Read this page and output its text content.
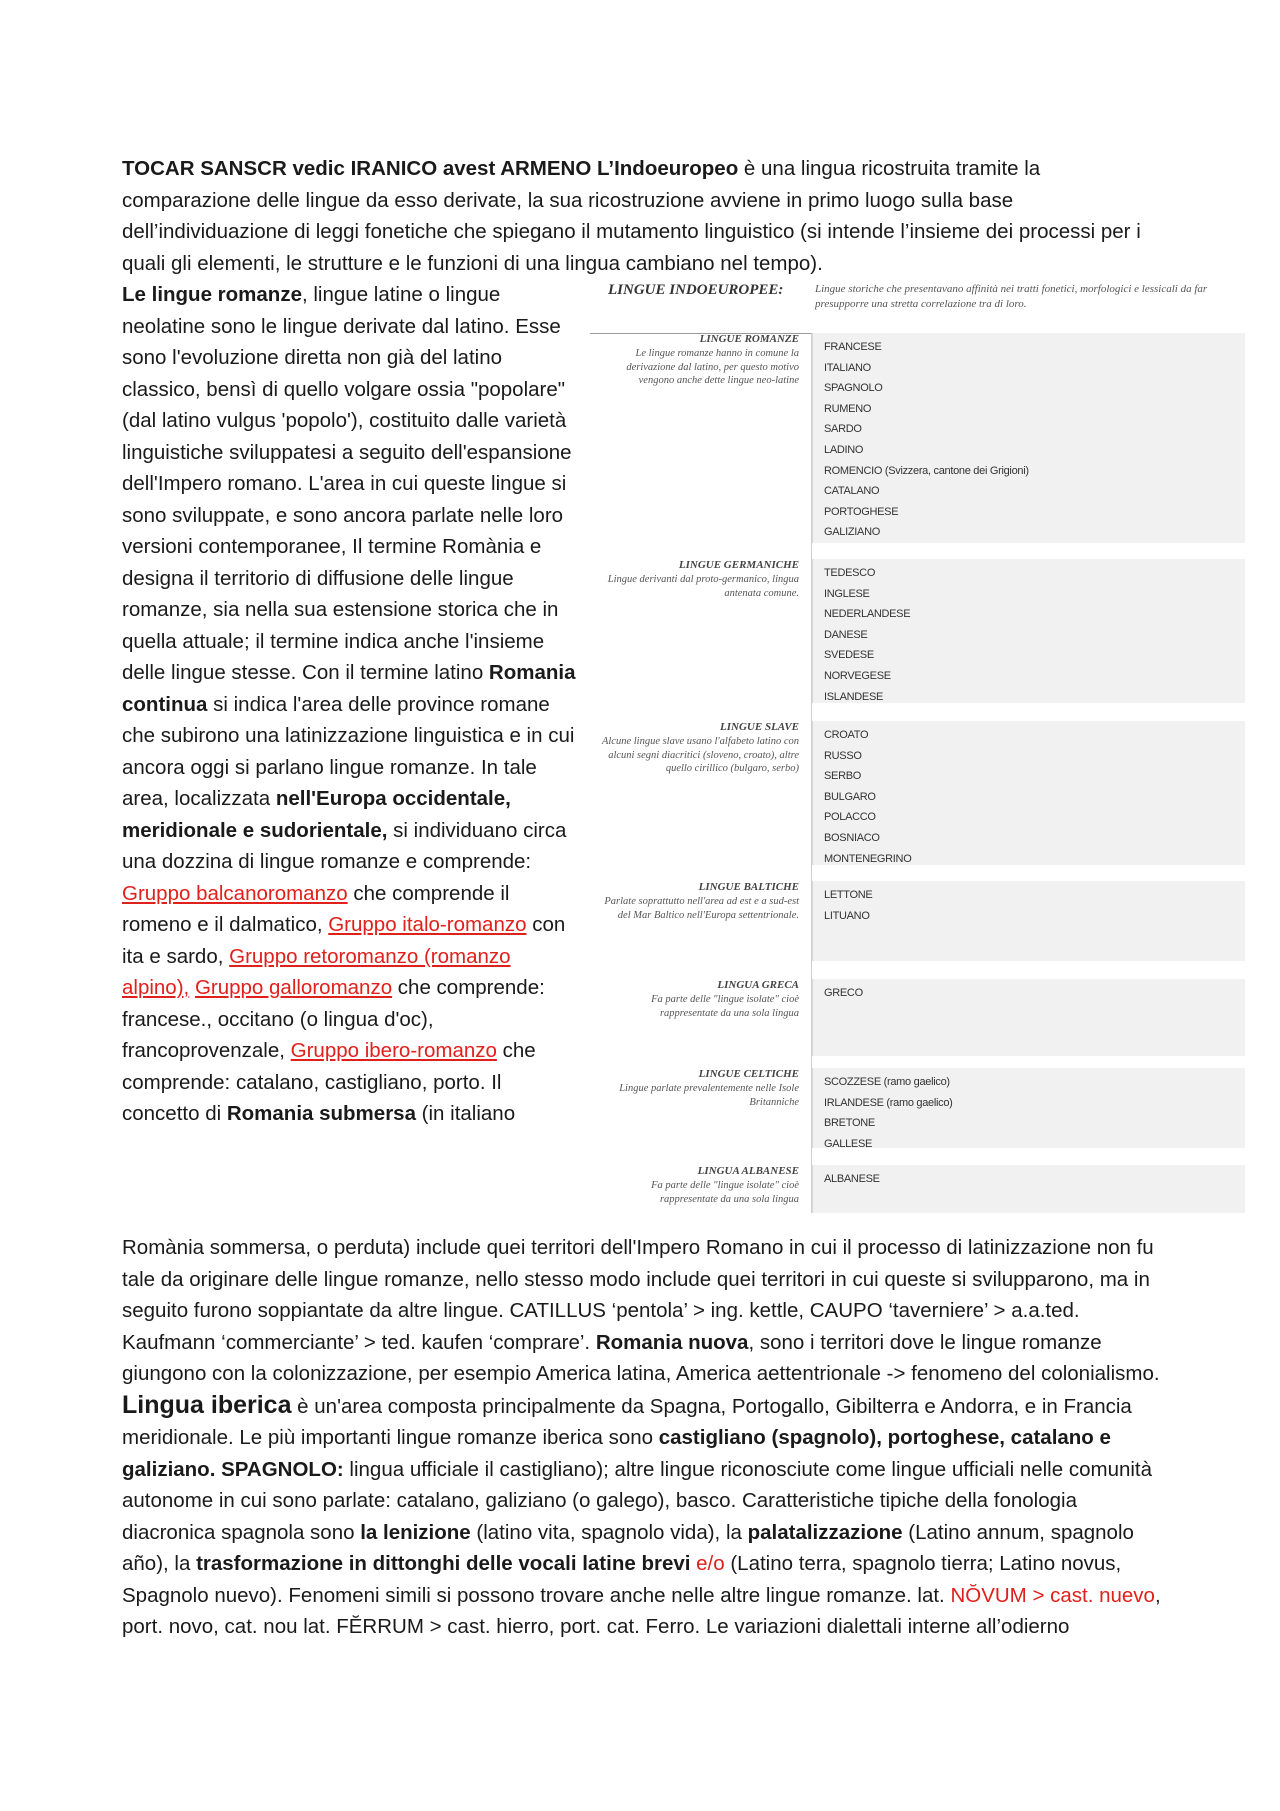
TOCAR SANSCR vedic IRANICO avest ARMENO L’Indoeuropeo è una lingua ricostruita tramite la comparazione delle lingue da esso derivate, la sua ricostruzione avviene in primo luogo sulla base dell’individuazione di leggi fonetiche che spiegano il mutamento linguistico (si intende l’insieme dei processi per i quali gli elementi, le strutture e le funzioni di una lingua cambiano nel tempo).
Le lingue romanze, lingue latine o lingue neolatine sono le lingue derivate dal latino. Esse sono l'evoluzione diretta non già del latino classico, bensì di quello volgare ossia "popolare" (dal latino vulgus 'popolo'), costituito dalle varietà linguistiche sviluppatesi a seguito dell'espansione dell'Impero romano. L'area in cui queste lingue si sono sviluppate, e sono ancora parlate nelle loro versioni contemporanee, Il termine Romània e designa il territorio di diffusione delle lingue romanze, sia nella sua estensione storica che in quella attuale; il termine indica anche l'insieme delle lingue stesse. Con il termine latino Romania continua si indica l'area delle province romane che subirono una latinizzazione linguistica e in cui ancora oggi si parlano lingue romanze. In tale area, localizzata nell'Europa occidentale, meridionale e sudorientale, si individuano circa una dozzina di lingue romanze e comprende: Gruppo balcanoromanzo che comprende il romeno e il dalmatico, Gruppo italo-romanzo con ita e sardo, Gruppo retoromanzo (romanzo alpino), Gruppo galloromanzo che comprende: francese., occitano (o lingua d'oc), francoprovenzale, Gruppo ibero-romanzo che comprende: catalano, castigliano, porto. Il concetto di Romania submersa (in italiano
LINGUE INDOEUROPEE:	Lingue storiche che presentavano affinità nei tratti fonetici, morfologici e lessicali da far presupporre una stretta correlazione tra di loro.
LINGUE ROMANZE
Le lingue romanze hanno in comune la derivazione dal latino, per questo motivo vengono anche dette lingue neo-latine
FRANCESE
ITALIANO
SPAGNOLO
RUMENO
SARDO
LADINO
ROMENCIO (Svizzera, cantone dei Grigioni)
CATALANO
PORTOGHESE
GALIZIANO
LINGUE GERMANICHE
Lingue derivanti dal proto-germanico, lingua antenata comune.
TEDESCO
INGLESE
NEDERLANDESE
DANESE
SVEDESE
NORVEGESE
ISLANDESE
LINGUE SLAVE
Alcune lingue slave usano l'alfabeto latino con alcuni segni diacritici (sloveno, croato), altre quello cirillico (bulgaro, serbo)
CROATO
RUSSO
SERBO
BULGARO
POLACCO
BOSNIACO
MONTENEGRINO
LINGUE BALTICHE
Parlate soprattutto nell'area ad est e a sud-est del Mar Baltico nell'Europa settentrionale.
LETTONE
LITUANO
LINGUA GRECA
Fa parte delle "lingue isolate" cioè rappresentate da una sola lingua
GRECO
LINGUE CELTICHE
Lingue parlate prevalentemente nelle Isole Britanniche
SCOZZESE (ramo gaelico)
IRLANDESE (ramo gaelico)
BRETONE
GALLESE
LINGUA ALBANESE
Fa parte delle "lingue isolate" cioè rappresentate da una sola lingua
ALBANESE
Romània sommersa, o perduta) include quei territori dell'Impero Romano in cui il processo di latinizzazione non fu tale da originare delle lingue romanze, nello stesso modo include quei territori in cui queste si svilupparono, ma in seguito furono soppiantate da altre lingue. CATILLUS ‘pentola’ > ing. kettle, CAUPO ‘taverniere’ > a.a.ted. Kaufmann ‘commerciante’ > ted. kaufen ‘comprare’. Romania nuova, sono i territori dove le lingue romanze giungono con la colonizzazione, per esempio America latina, America aettentrionale -> fenomeno del colonialismo. Lingua iberica è un'area composta principalmente da Spagna, Portogallo, Gibilterra e Andorra, e in Francia meridionale. Le più importanti lingue romanze iberica sono castigliano (spagnolo), portoghese, catalano e galiziano. SPAGNOLO: lingua ufficiale il castigliano); altre lingue riconosciute come lingue ufficiali nelle comunità autonome in cui sono parlate: catalano, galiziano (o galego), basco. Caratteristiche tipiche della fonologia diacronica spagnola sono la lenizione (latino vita, spagnolo vida), la palatalizzazione (Latino annum, spagnolo año), la trasformazione in dittonghi delle vocali latine brevi e/o (Latino terra, spagnolo tierra; Latino novus, Spagnolo nuevo). Fenomeni simili si possono trovare anche nelle altre lingue romanze. lat. NŎVUM > cast. nuevo, port. novo, cat. nou lat. FĔRRUM > cast. hierro, port. cat. Ferro. Le variazioni dialettali interne all’odierno
